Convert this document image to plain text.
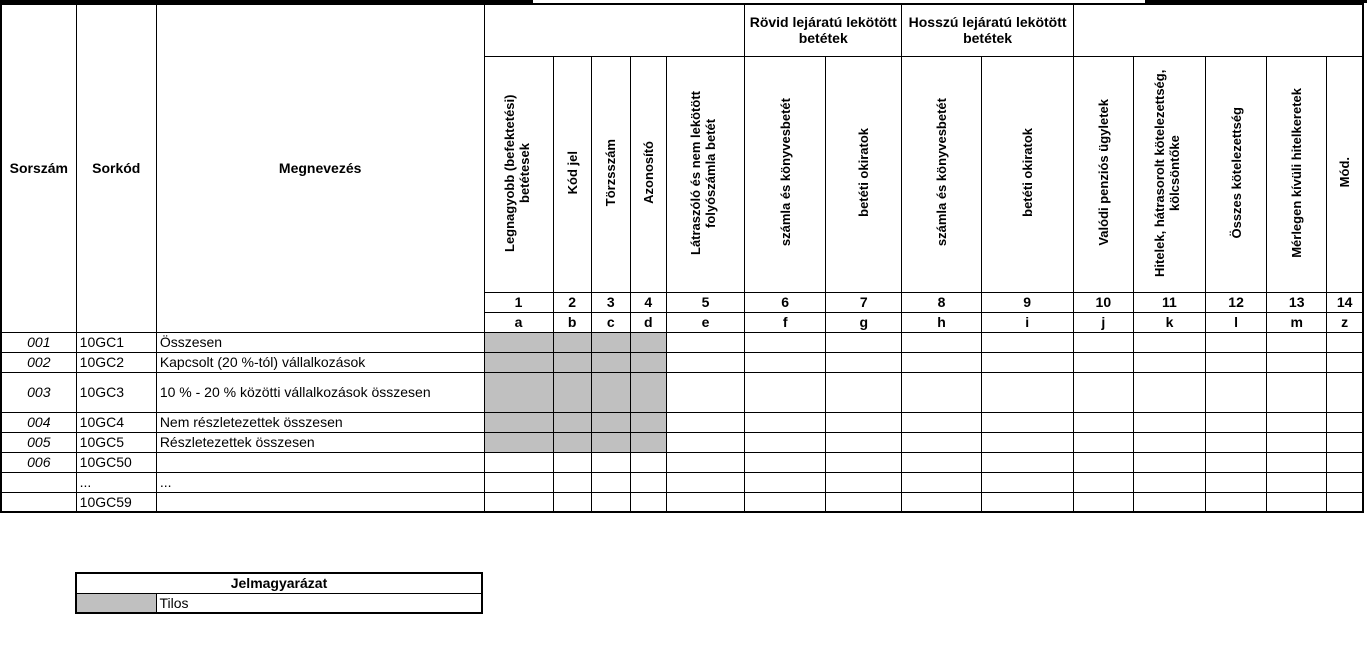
Sorszám	Sorkód	Megnevezés						Rövid lejáratú lekötött betétek		Hosszú lejáratú lekötött betétek						
			Legnagyobb (befektetési) betétesek	Kód jel	Törzsszám	Azonosító	Látraszóló és nem lekötött folyószámla betét	számla és könyvesbetét	betéti okiratok	számla és könyvesbetét	betéti okiratok	Valódi penziós ügyletek	Hitelek, hátrasorolt kötelezettség, kölcsöntőke	Összes kötelezettség	Mérlegen kívüli hitelkeretek	Mód.
			1	2	3	4	5	6	7	8	9	10	11	12	13	14
			a	b	c	d	e	f	g	h	i	j	k	l	m	z
001	10GC1	Összesen														
002	10GC2	Kapcsolt (20 %-tól) vállalkozások														
003	10GC3	10 % - 20 % közötti vállalkozások összesen														
004	10GC4	Nem részletezettek összesen														
005	10GC5	Részletezettek összesen														
006	10GC50															
	...	...														
	10GC59															
Jelmagyarázat
	Tilos
